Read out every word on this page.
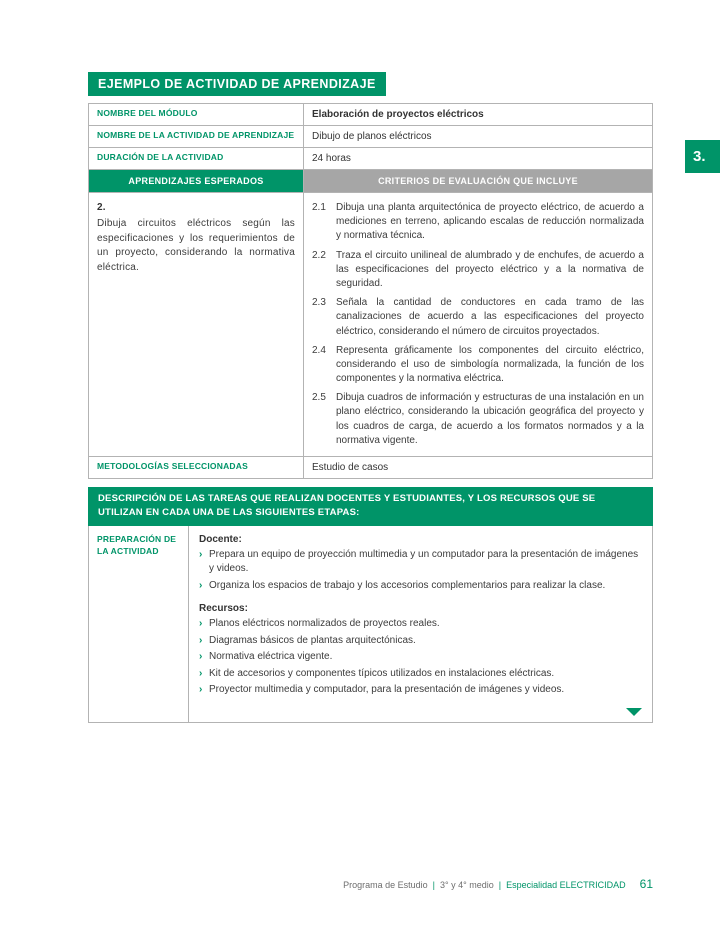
3.
EJEMPLO DE ACTIVIDAD DE APRENDIZAJE
NOMBRE DEL MÓDULO	Elaboración de proyectos eléctricos
NOMBRE DE LA ACTIVIDAD DE APRENDIZAJE	Dibujo de planos eléctricos
DURACIÓN DE LA ACTIVIDAD	24 horas
APRENDIZAJES ESPERADOS	CRITERIOS DE EVALUACIÓN QUE INCLUYE
2.
Dibuja circuitos eléctricos según las especificaciones y los requerimientos de un proyecto, considerando la normativa eléctrica.
2.1	Dibuja una planta arquitectónica de proyecto eléctrico, de acuerdo a mediciones en terreno, aplicando escalas de reducción normalizada y normativa técnica.
2.2	Traza el circuito unilineal de alumbrado y de enchufes, de acuerdo a las especificaciones del proyecto eléctrico y a la normativa de seguridad.
2.3	Señala la cantidad de conductores en cada tramo de las canalizaciones de acuerdo a las especificaciones del proyecto eléctrico, considerando el número de circuitos proyectados.
2.4	Representa gráficamente los componentes del circuito eléctrico, considerando el uso de simbología normalizada, la función de los componentes y la normativa eléctrica.
2.5	Dibuja cuadros de información y estructuras de una instalación en un plano eléctrico, considerando la ubicación geográfica del proyecto y los cuadros de carga, de acuerdo a los formatos normados y a la normativa vigente.
METODOLOGÍAS SELECCIONADAS	Estudio de casos
DESCRIPCIÓN DE LAS TAREAS QUE REALIZAN DOCENTES Y ESTUDIANTES, Y LOS RECURSOS QUE SE UTILIZAN EN CADA UNA DE LAS SIGUIENTES ETAPAS:
PREPARACIÓN DE LA ACTIVIDAD
Docente:
› Prepara un equipo de proyección multimedia y un computador para la presentación de imágenes y videos.
› Organiza los espacios de trabajo y los accesorios complementarios para realizar la clase.
Recursos:
› Planos eléctricos normalizados de proyectos reales.
› Diagramas básicos de plantas arquitectónicas.
› Normativa eléctrica vigente.
› Kit de accesorios y componentes típicos utilizados en instalaciones eléctricas.
› Proyector multimedia y computador, para la presentación de imágenes y videos.
Programa de Estudio | 3° y 4° medio | Especialidad ELECTRICIDAD 61
